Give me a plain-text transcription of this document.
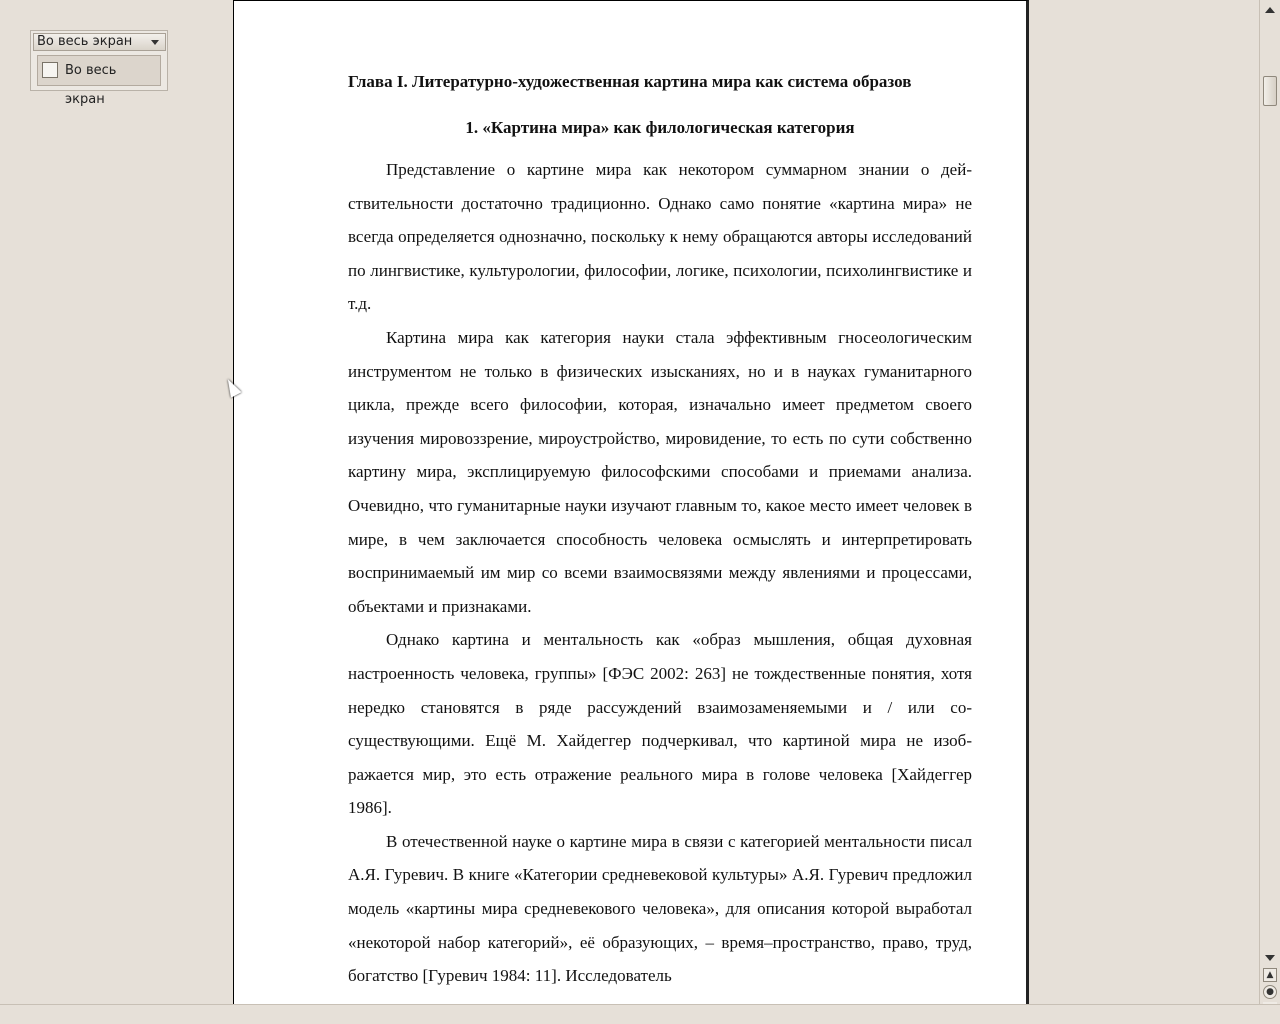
Во весь экран
Во весь экран

Глава I. Литературно-художественная картина мира как система образов

1. «Картина мира» как филологическая категория

Представление о картине мира как некотором суммарном знании о действительности достаточно традиционно. Однако само понятие «картина мира» не всегда определяется однозначно, поскольку к нему обращаются авторы исследований по лингвистике, культурологии, философии, логике, психологии, психолингвистике и т.д.

Картина мира как категория науки стала эффективным гносеологическим инструментом не только в физических изысканиях, но и в науках гуманитарного цикла, прежде всего философии, которая, изначально имеет предметом своего изучения мировоззрение, мироустройство, мировидение, то есть по сути собственно картину мира, эксплицируемую философскими способами и приемами анализа. Очевидно, что гуманитарные науки изучают главным то, какое место имеет человек в мире, в чем заключается способность человека осмыслять и интерпретировать воспринимаемый им мир со всеми взаимосвязями между явлениями и процессами, объектами и признаками.

Однако картина и ментальность как «образ мышления, общая духовная настроенность человека, группы» [ФЭС 2002: 263] не тождественные понятия, хотя нередко становятся в ряде рассуждений взаимозаменяемыми и / или сосуществующими. Ещё М. Хайдеггер подчеркивал, что картиной мира не изображается мир, это есть отражение реального мира в голове человека [Хайдеггер 1986].

В отечественной науке о картине мира в связи с категорией ментальности писал А.Я. Гуревич. В книге «Категории средневековой культуры» А.Я. Гуревич предложил модель «картины мира средневекового человека», для описания которой выработал «некоторой набор категорий», её образующих, – время–пространство, право, труд, богатство [Гуревич 1984: 11]. Исследователь	▲
●
